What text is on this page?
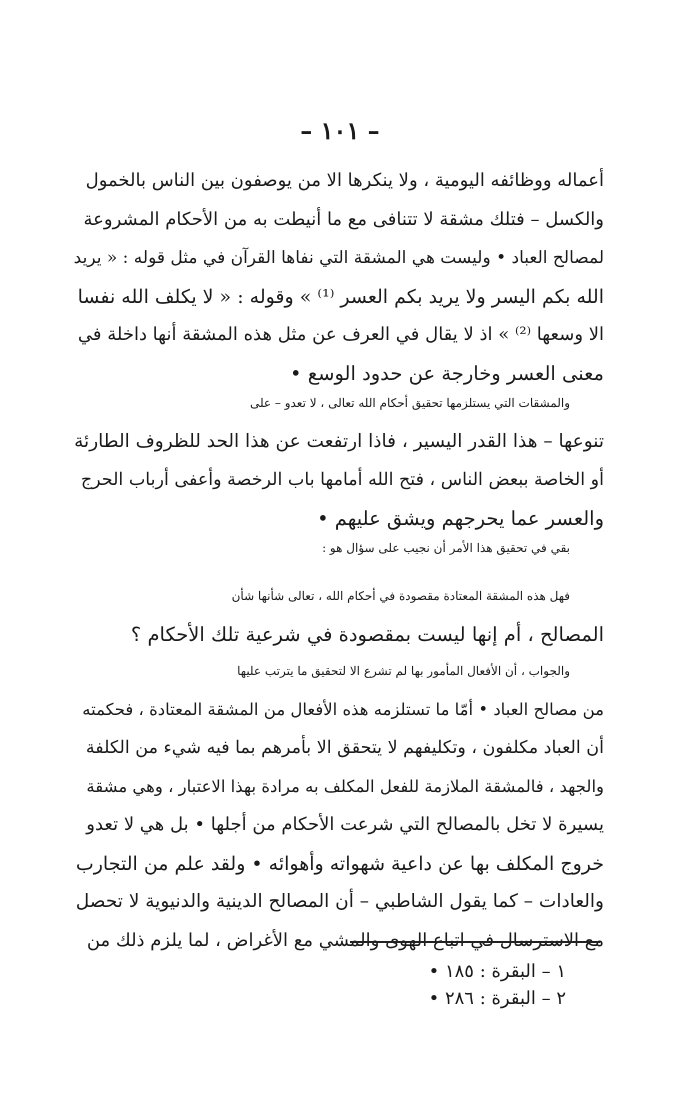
– ١٠١ –
أعماله ووظائفه اليومية ، ولا ينكرها الا من يوصفون بين الناس بالخمول
والكسل – فتلك مشقة لا تتنافى مع ما أنيطت به من الأحكام المشروعة
لمصالح العباد • وليست هي المشقة التي نفاها القرآن في مثل قوله : « يريد
الله بكم اليسر ولا يريد بكم العسر ⁽¹⁾ » وقوله : « لا يكلف الله نفسا
الا وسعها ⁽²⁾ » اذ لا يقال في العرف عن مثل هذه المشقة أنها داخلة في
معنى العسر وخارجة عن حدود الوسع •
والمشقات التي يستلزمها تحقيق أحكام الله تعالى ، لا تعدو – على
تنوعها – هذا القدر اليسير ، فاذا ارتفعت عن هذا الحد للظروف الطارئة
أو الخاصة ببعض الناس ، فتح الله أمامها باب الرخصة وأعفى أرباب الحرج
والعسر عما يحرجهم ويشق عليهم •
بقي في تحقيق هذا الأمر أن نجيب على سؤال هو :
فهل هذه المشقة المعتادة مقصودة في أحكام الله ، تعالى شأنها شأن
المصالح ، أم إنها ليست بمقصودة في شرعية تلك الأحكام ؟
والجواب ، أن الأفعال المأمور بها لم تشرع الا لتحقيق ما يترتب عليها
من مصالح العباد • أمّا ما تستلزمه هذه الأفعال من المشقة المعتادة ، فحكمته
أن العباد مكلفون ، وتكليفهم لا يتحقق الا بأمرهم بما فيه شيء من الكلفة
والجهد ، فالمشقة الملازمة للفعل المكلف به مرادة بهذا الاعتبار ، وهي مشقة
يسيرة لا تخل بالمصالح التي شرعت الأحكام من أجلها • بل هي لا تعدو
خروج المكلف بها عن داعية شهواته وأهوائه • ولقد علم من التجارب
والعادات – كما يقول الشاطبي – أن المصالح الدينية والدنيوية لا تحصل
مع الاسترسال في اتباع الهوى والمشي مع الأغراض ، لما يلزم ذلك من
١ – البقرة : ١٨٥ •
٢ – البقرة : ٢٨٦ •
